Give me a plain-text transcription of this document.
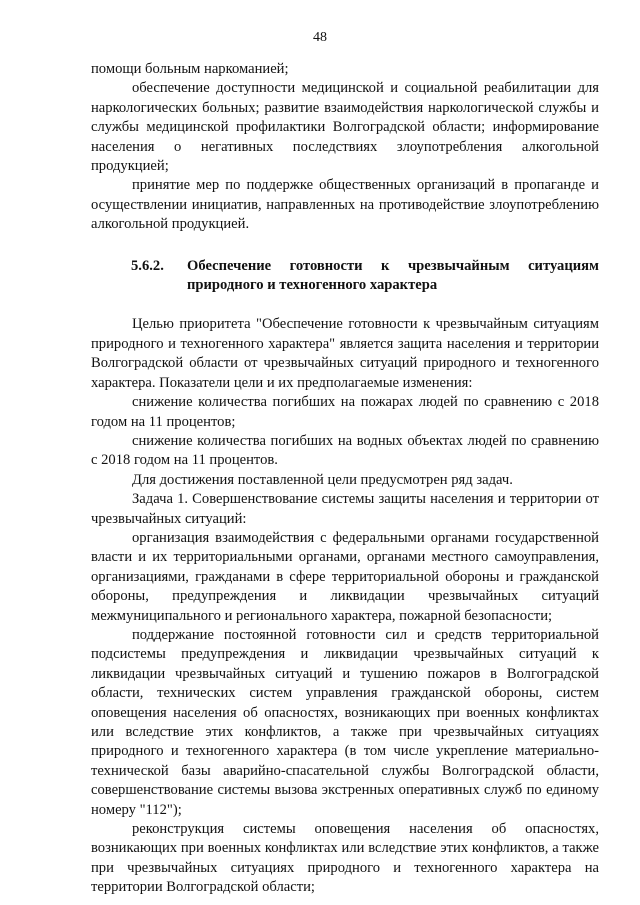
48

помощи больным наркоманией;

обеспечение доступности медицинской и социальной реабилитации для наркологических больных; развитие взаимодействия наркологической службы и службы медицинской профилактики Волгоградской области; информирование населения о негативных последствиях злоупотребления алкогольной продукцией;

принятие мер по поддержке общественных организаций в пропаганде и осуществлении инициатив, направленных на противодействие злоупотреблению алкогольной продукцией.

5.6.2.	Обеспечение готовности к чрезвычайным ситуациям природного и техногенного характера

Целью приоритета "Обеспечение готовности к чрезвычайным ситуациям природного и техногенного характера" является защита населения и территории Волгоградской области от чрезвычайных ситуаций природного и техногенного характера. Показатели цели и их предполагаемые изменения:

снижение количества погибших на пожарах людей по сравнению с 2018 годом на 11 процентов;

снижение количества погибших на водных объектах людей по сравнению с 2018 годом на 11 процентов.

Для достижения поставленной цели предусмотрен ряд задач.

Задача 1. Совершенствование системы защиты населения и территории от чрезвычайных ситуаций:

организация взаимодействия с федеральными органами государственной власти и их территориальными органами, органами местного самоуправления, организациями, гражданами в сфере территориальной обороны и гражданской обороны, предупреждения и ликвидации чрезвычайных ситуаций межмуниципального и регионального характера, пожарной безопасности;

поддержание постоянной готовности сил и средств территориальной подсистемы предупреждения и ликвидации чрезвычайных ситуаций к ликвидации чрезвычайных ситуаций и тушению пожаров в Волгоградской области, технических систем управления гражданской обороны, систем оповещения населения об опасностях, возникающих при военных конфликтах или вследствие этих конфликтов, а также при чрезвычайных ситуациях природного и техногенного характера (в том числе укрепление материально-технической базы аварийно-спасательной службы Волгоградской области, совершенствование системы вызова экстренных оперативных служб по единому номеру "112");

реконструкция системы оповещения населения об опасностях, возникающих при военных конфликтах или вследствие этих конфликтов, а также при чрезвычайных ситуациях природного и техногенного характера на территории Волгоградской области;
